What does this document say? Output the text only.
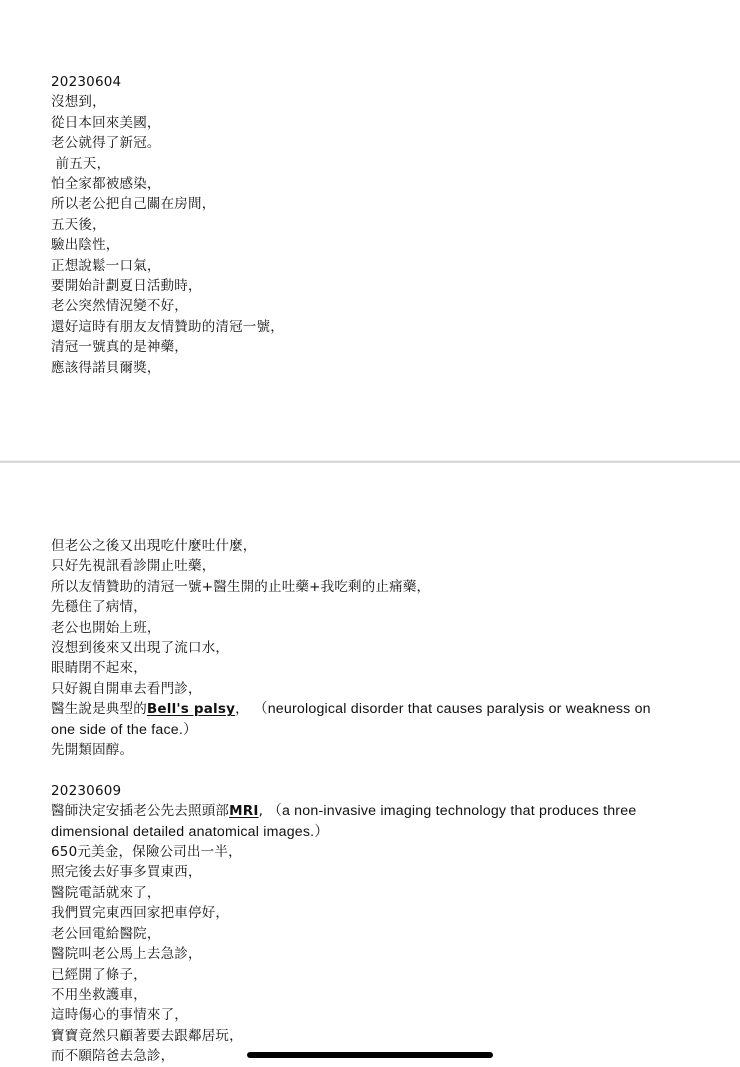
20230604
沒想到，
從日本回來美國，
老公就得了新冠。
前五天，
怕全家都被感染，
所以老公把自己關在房間，
五天後，
驗出陰性，
正想說鬆一口氣，
要開始計劃夏日活動時，
老公突然情況變不好，
還好這時有朋友友情贊助的清冠一號，
清冠一號真的是神藥，
應該得諾貝爾獎，
但老公之後又出現吃什麼吐什麼，
只好先視訊看診開止吐藥，
所以友情贊助的清冠一號+醫生開的止吐藥+我吃剩的止痛藥，
先穩住了病情，
老公也開始上班，
沒想到後來又出現了流口水，
眼睛閉不起來，
只好親自開車去看門診，
醫生說是典型的Bell's palsy， （neurological disorder that causes paralysis or weakness on
one side of the face.）
先開類固醇。
20230609
醫師決定安插老公先去照頭部MRI, （a non-invasive imaging technology that produces three
dimensional detailed anatomical images.）
650元美金，保險公司出一半，
照完後去好事多買東西，
醫院電話就來了，
我們買完東西回家把車停好，
老公回電給醫院，
醫院叫老公馬上去急診，
已經開了條子，
不用坐救護車，
這時傷心的事情來了，
寶寶竟然只顧著要去跟鄰居玩，
而不願陪爸去急診，
